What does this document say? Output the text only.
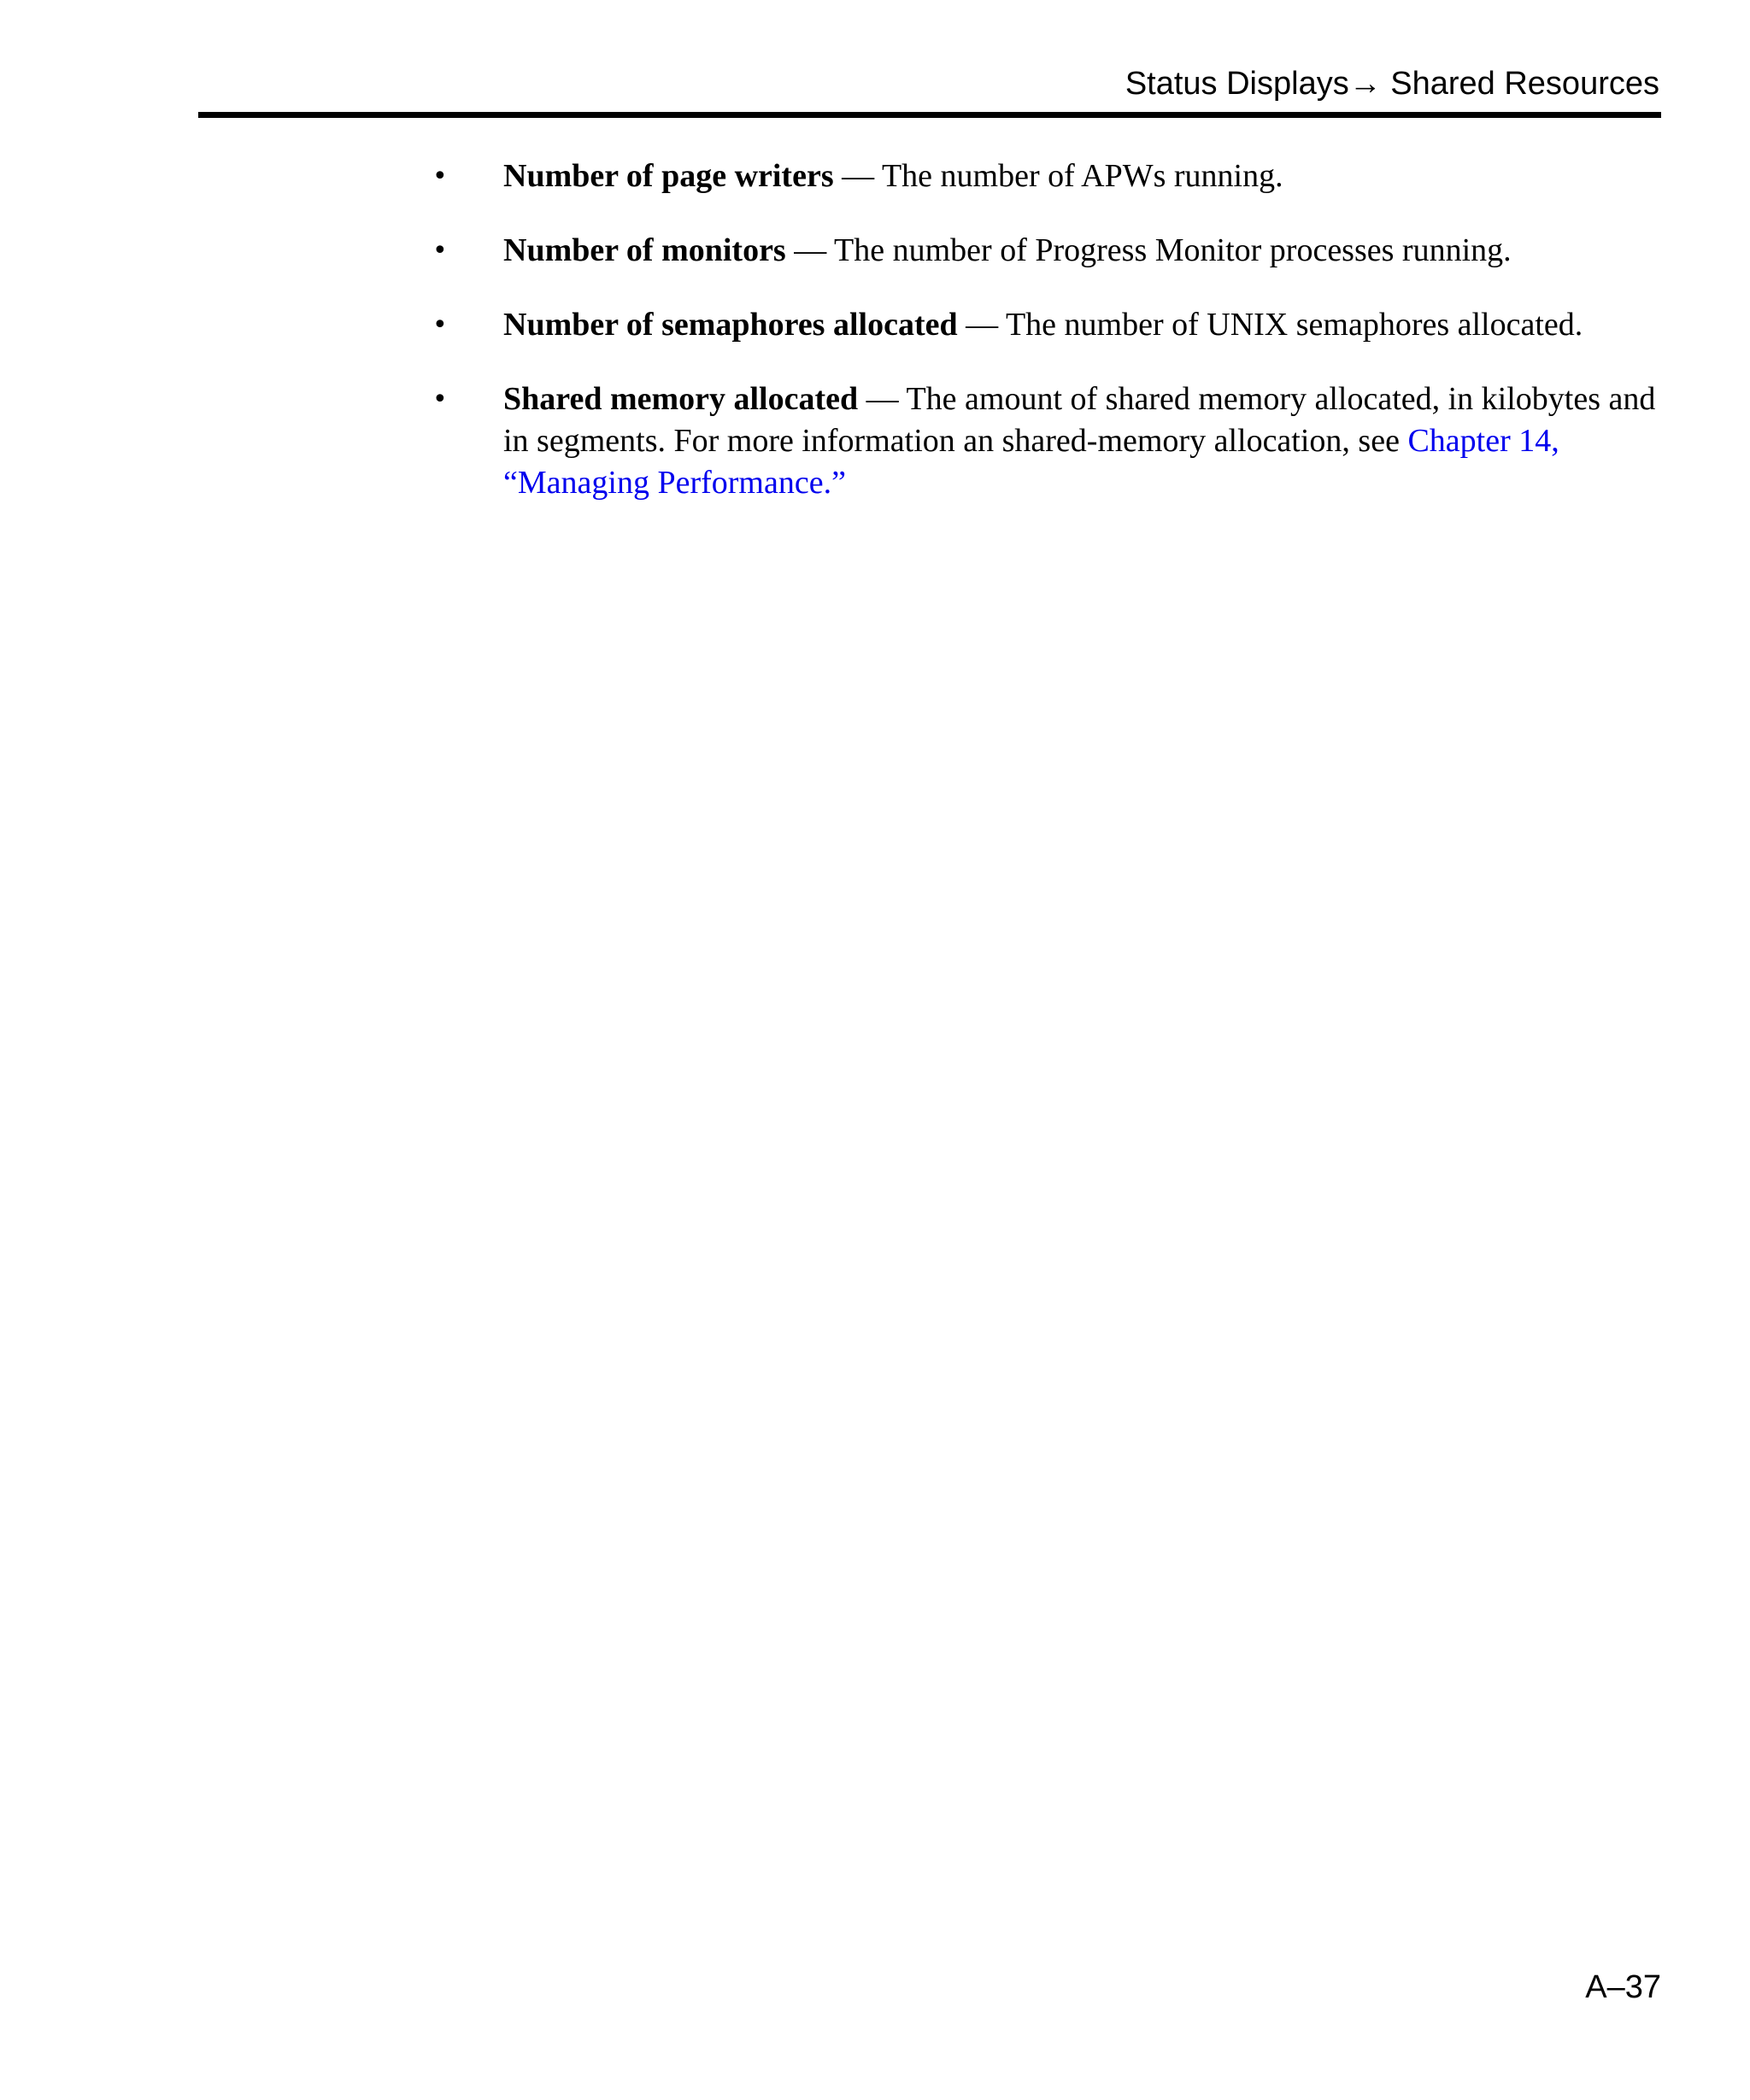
Status Displays→ Shared Resources
• Number of page writers — The number of APWs running.
• Number of monitors — The number of Progress Monitor processes running.
• Number of semaphores allocated — The number of UNIX semaphores allocated.
• Shared memory allocated — The amount of shared memory allocated, in kilobytes and in segments. For more information an shared-memory allocation, see Chapter 14, “Managing Performance.”
A–37
